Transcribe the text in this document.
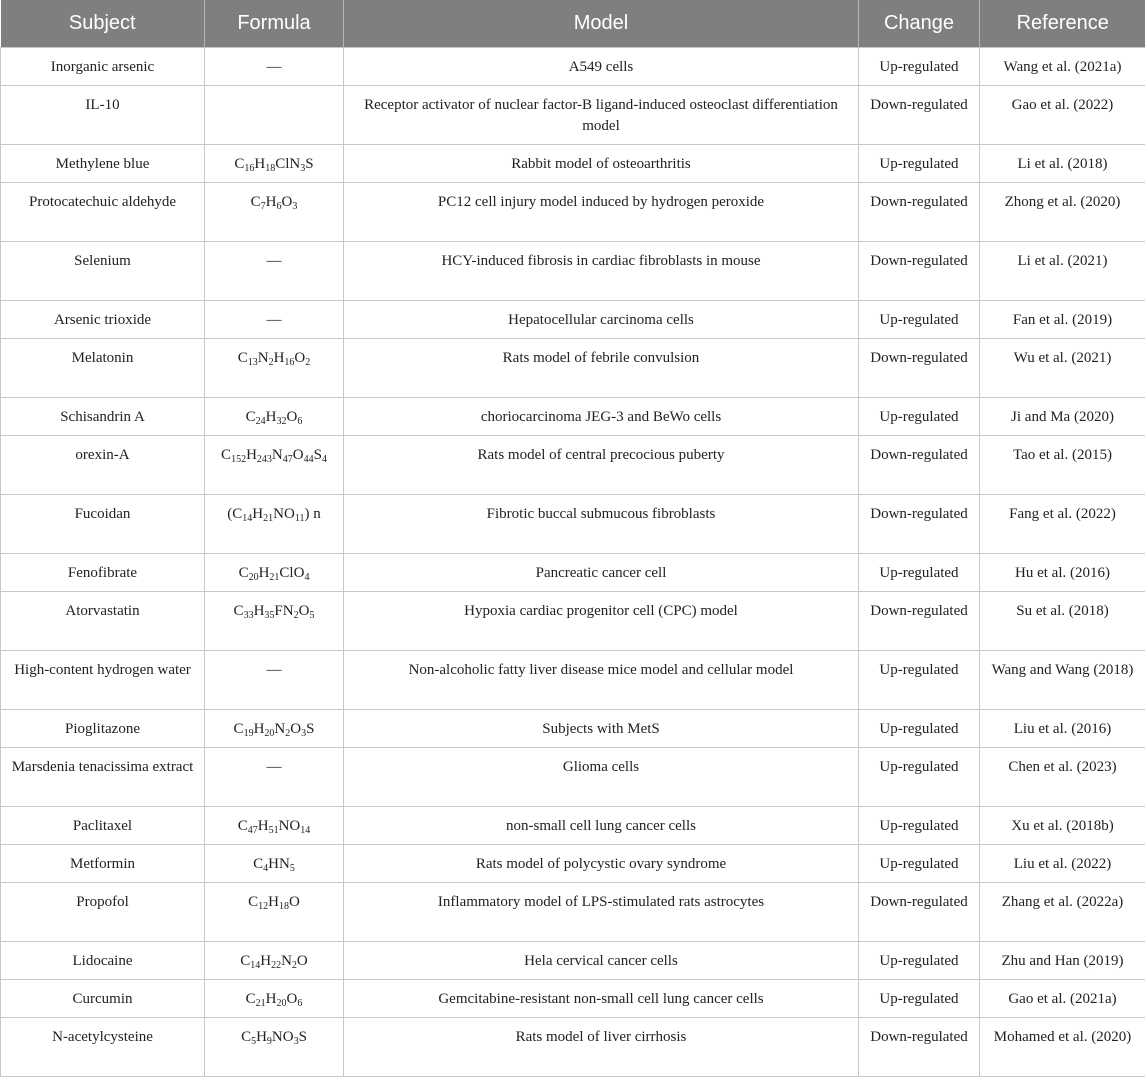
Subject	Formula	Model	Change	Reference
Inorganic arsenic	—	A549 cells	Up-regulated	Wang et al. (2021a)
IL-10		Receptor activator of nuclear factor-B ligand-induced osteoclast differentiation model	Down-regulated	Gao et al. (2022)
Methylene blue	$C_{16}H_{18}ClN_3S$	Rabbit model of osteoarthritis	Up-regulated	Li et al. (2018)
Protocatechuic aldehyde	$C_7H_6O_3$	PC12 cell injury model induced by hydrogen peroxide	Down-regulated	Zhong et al. (2020)
Selenium	—	HCY-induced fibrosis in cardiac fibroblasts in mouse	Down-regulated	Li et al. (2021)
Arsenic trioxide	—	Hepatocellular carcinoma cells	Up-regulated	Fan et al. (2019)
Melatonin	$C_{13}N_2H_{16}O_2$	Rats model of febrile convulsion	Down-regulated	Wu et al. (2021)
Schisandrin A	$C_{24}H_{32}O_6$	choriocarcinoma JEG-3 and BeWo cells	Up-regulated	Ji and Ma (2020)
orexin-A	$C_{152}H_{243}N_{47}O_{44}S_4$	Rats model of central precocious puberty	Down-regulated	Tao et al. (2015)
Fucoidan	$(C_{14}H_{21}NO_{11})$ n	Fibrotic buccal submucous fibroblasts	Down-regulated	Fang et al. (2022)
Fenofibrate	$C_{20}H_{21}ClO_4$	Pancreatic cancer cell	Up-regulated	Hu et al. (2016)
Atorvastatin	$C_{33}H_{35}FN_2O_5$	Hypoxia cardiac progenitor cell (CPC) model	Down-regulated	Su et al. (2018)
High-content hydrogen water	—	Non-alcoholic fatty liver disease mice model and cellular model	Up-regulated	Wang and Wang (2018)
Pioglitazone	$C_{19}H_{20}N_2O_3S$	Subjects with MetS	Up-regulated	Liu et al. (2016)
Marsdenia tenacissima extract	—	Glioma cells	Up-regulated	Chen et al. (2023)
Paclitaxel	$C_{47}H_{51}NO_{14}$	non-small cell lung cancer cells	Up-regulated	Xu et al. (2018b)
Metformin	$C_4HN_5$	Rats model of polycystic ovary syndrome	Up-regulated	Liu et al. (2022)
Propofol	$C_{12}H_{18}O$	Inflammatory model of LPS-stimulated rats astrocytes	Down-regulated	Zhang et al. (2022a)
Lidocaine	$C_{14}H_{22}N_2O$	Hela cervical cancer cells	Up-regulated	Zhu and Han (2019)
Curcumin	$C_{21}H_{20}O_6$	Gemcitabine-resistant non-small cell lung cancer cells	Up-regulated	Gao et al. (2021a)
N-acetylcysteine	$C_5H_9NO_3S$	Rats model of liver cirrhosis	Down-regulated	Mohamed et al. (2020)
